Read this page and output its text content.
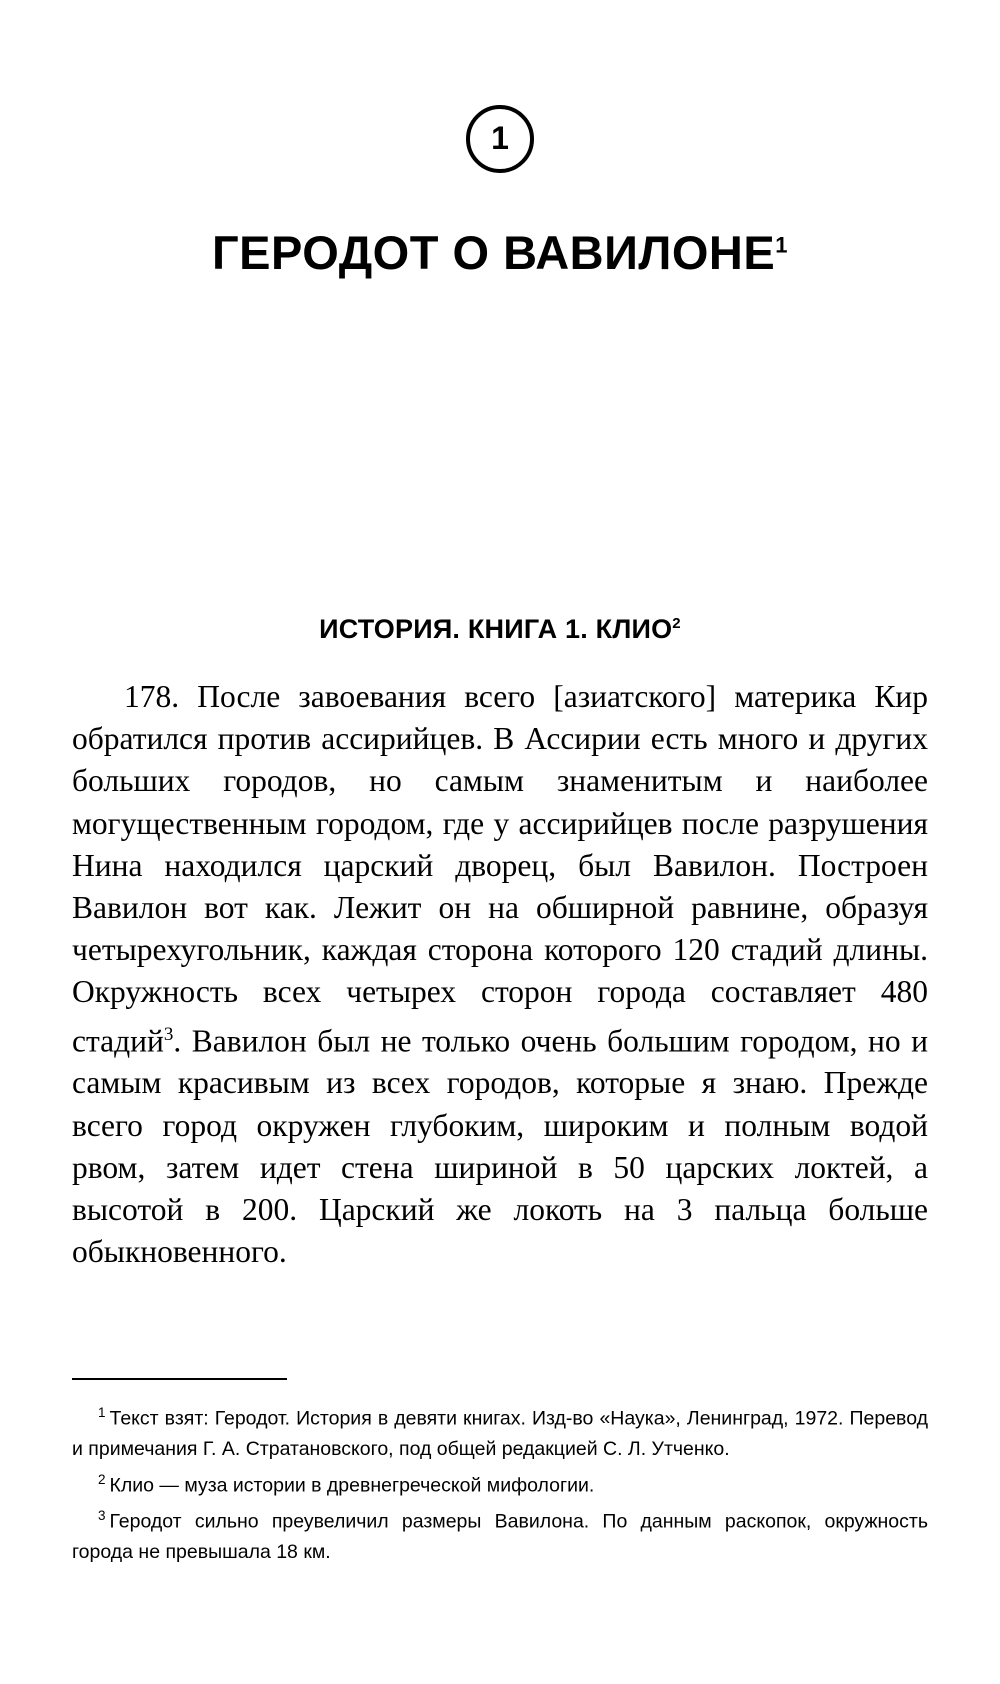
1
ГЕРОДОТ О ВАВИЛОНЕ$^1$
ИСТОРИЯ. КНИГА 1. КЛИО$^2$

178. После завоевания всего [азиатского] материка Кир обратился против ассирийцев. В Ассирии есть много и других больших городов, но самым знаменитым и наиболее могущественным городом, где у ассирийцев после разрушения Нина находился царский дворец, был Вавилон. Построен Вавилон вот как. Лежит он на обширной равнине, образуя четырехугольник, каждая сторона которого 120 стадий длины. Окружность всех четырех сторон города составляет 480 стадий$^3$. Вавилон был не только очень большим городом, но и самым красивым из всех городов, которые я знаю. Прежде всего город окружен глубоким, широким и полным водой рвом, затем идет стена шириной в 50 царских локтей, а высотой в 200. Царский же локоть на 3 пальца больше обыкновенного.

$^1$ Текст взят: Геродот. История в девяти книгах. Изд-во «Наука», Ленинград, 1972. Перевод и примечания Г. А. Стратановского, под общей редакцией С. Л. Утченко.

$^2$ Клио — муза истории в древнегреческой мифологии.

$^3$ Геродот сильно преувеличил размеры Вавилона. По данным раскопок, окружность города не превышала 18 км.
